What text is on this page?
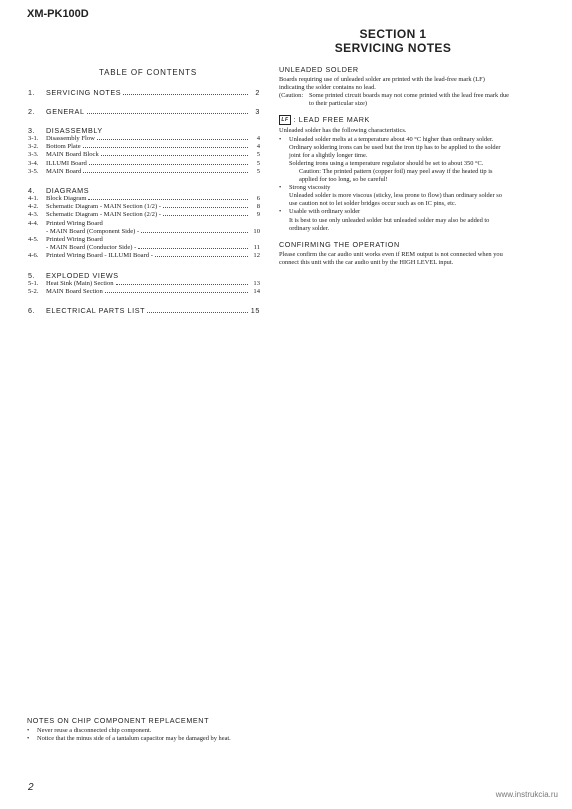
XM-PK100D
SECTION 1
SERVICING NOTES
TABLE OF CONTENTS
1.	SERVICING NOTES	2
2.	GENERAL	3
3.	DISASSEMBLY
3-1.	Disassembly Flow	4
3-2.	Bottom Plate	4
3-3.	MAIN Board Block	5
3-4.	ILLUMI Board	5
3-5.	MAIN Board	5
4.	DIAGRAMS
4-1.	Block Diagram	6
4-2.	Schematic Diagram - MAIN Section (1/2) -	8
4-3.	Schematic Diagram - MAIN Section (2/2) -	9
4-4.	Printed Wiring Board
- MAIN Board (Component Side) -	10
4-5.	Printed Wiring Board
- MAIN Board (Conductor Side) -	11
4-6.	Printed Wiring Board - ILLUMI Board -	12
5.	EXPLODED VIEWS
5-1.	Heat Sink (Main) Section	13
5-2.	MAIN Board Section	14
6.	ELECTRICAL PARTS LIST	15
UNLEADED SOLDER

Boards requiring use of unleaded solder are printed with the lead-free mark (LF) indicating the solder contains no lead.

(Caution: Some printed circuit boards may not come printed with the lead free mark due to their particular size)

LF : LEAD FREE MARK

Unleaded solder has the following characteristics.

•	Unleaded solder melts at a temperature about 40 °C higher than ordinary solder.

Ordinary soldering irons can be used but the iron tip has to be applied to the solder joint for a slightly longer time.

Soldering irons using a temperature regulator should be set to about 350 °C.

Caution: The printed pattern (copper foil) may peel away if the heated tip is applied for too long, so be careful!

•	Strong viscosity

Unleaded solder is more viscous (sticky, less prone to flow) than ordinary solder so use caution not to let solder bridges occur such as on IC pins, etc.

•	Usable with ordinary solder

It is best to use only unleaded solder but unleaded solder may also be added to ordinary solder.

CONFIRMING THE OPERATION

Please confirm the car audio unit works even if REM output is not connected when you connect this unit with the car audio unit by the HIGH LEVEL input.

NOTES ON CHIP COMPONENT REPLACEMENT
•	Never reuse a disconnected chip component.
•	Notice that the minus side of a tantalum capacitor may be damaged by heat.
2
www.instrukcia.ru
